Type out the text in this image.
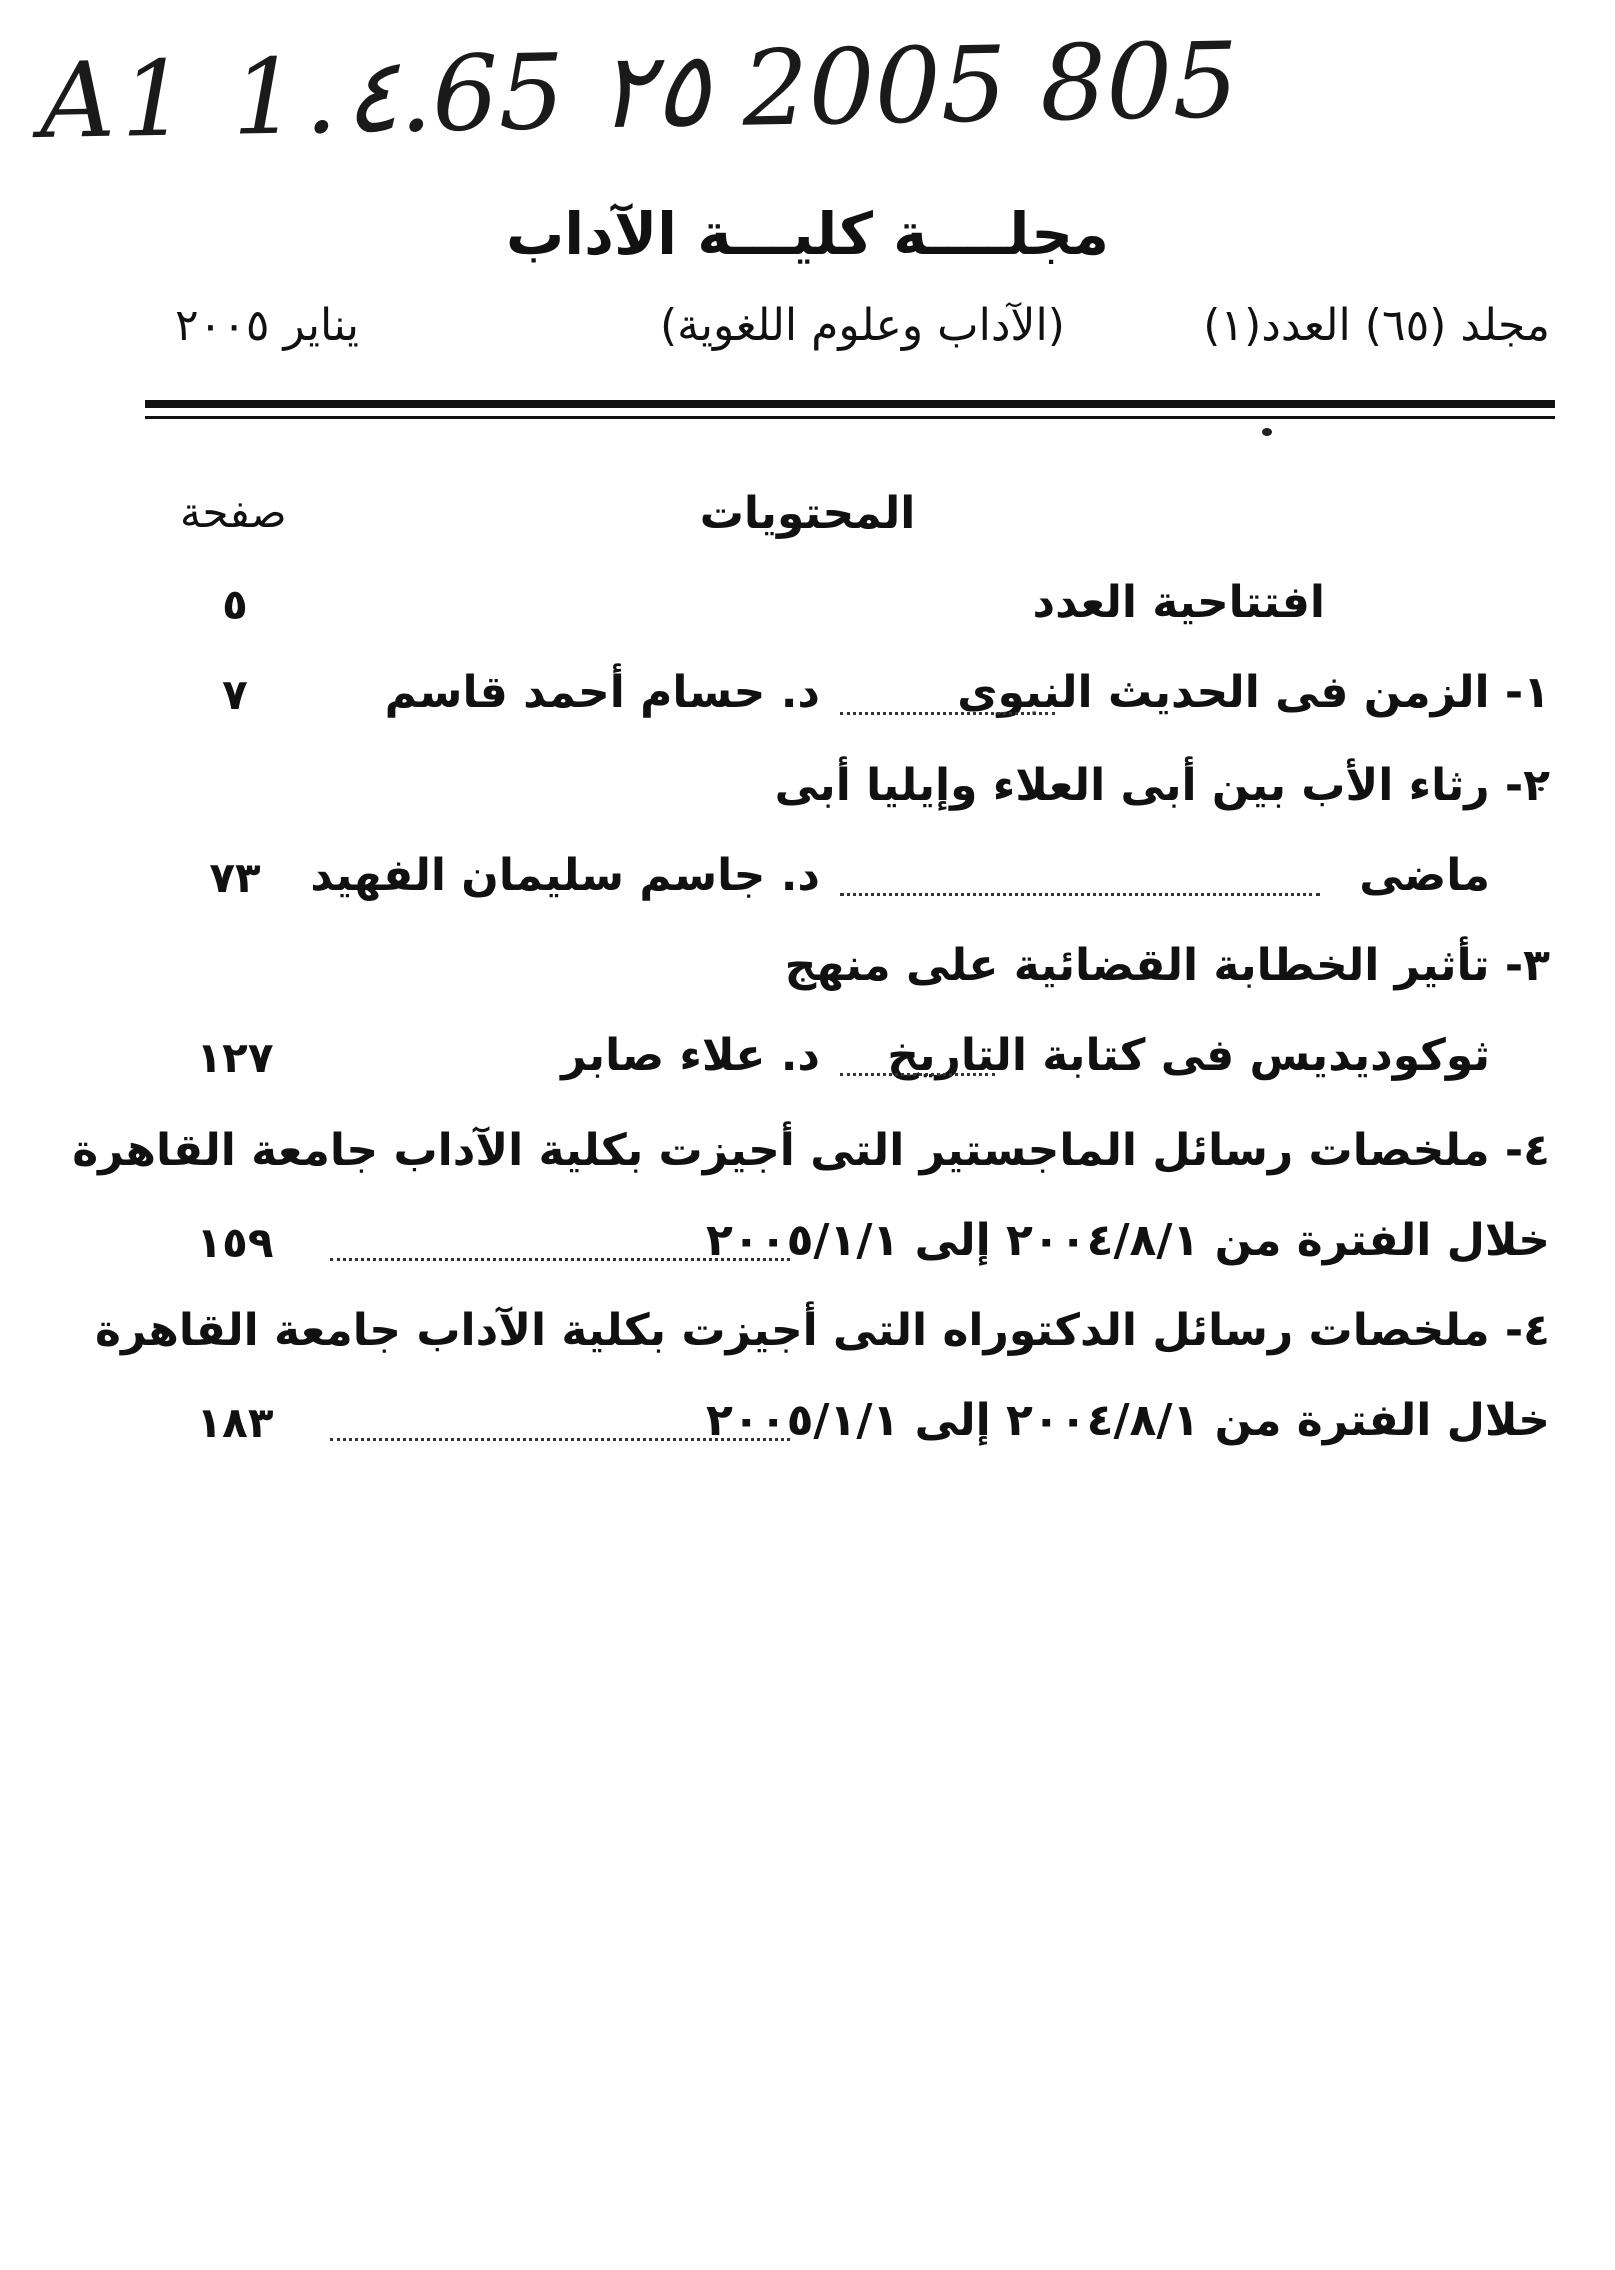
A1 1.٤.65 ٢٥ 2005 805
مجلــــة كليـــة الآداب
مجلد (٦٥) العدد(١)
(الآداب وعلوم اللغوية)
يناير ٢٠٠٥
المحتويات
صفحة
افتتاحية العدد
٥
١- الزمن فى الحديث النبوى
د. حسام أحمد قاسم
٧
٢- رثاء الأب بين أبى العلاء وإيليا أبى
ماضى
د. جاسم سليمان الفهيد
٧٣
٣- تأثير الخطابة القضائية على منهج
ثوكوديديس فى كتابة التاريخ
د. علاء صابر
١٢٧
٤- ملخصات رسائل الماجستير التى أجيزت بكلية الآداب جامعة القاهرة
خلال الفترة من ٢٠٠٤/٨/١ إلى ٢٠٠٥/١/١
١٥٩
٤- ملخصات رسائل الدكتوراه التى أجيزت بكلية الآداب جامعة القاهرة
خلال الفترة من ٢٠٠٤/٨/١ إلى ٢٠٠٥/١/١
١٨٣
